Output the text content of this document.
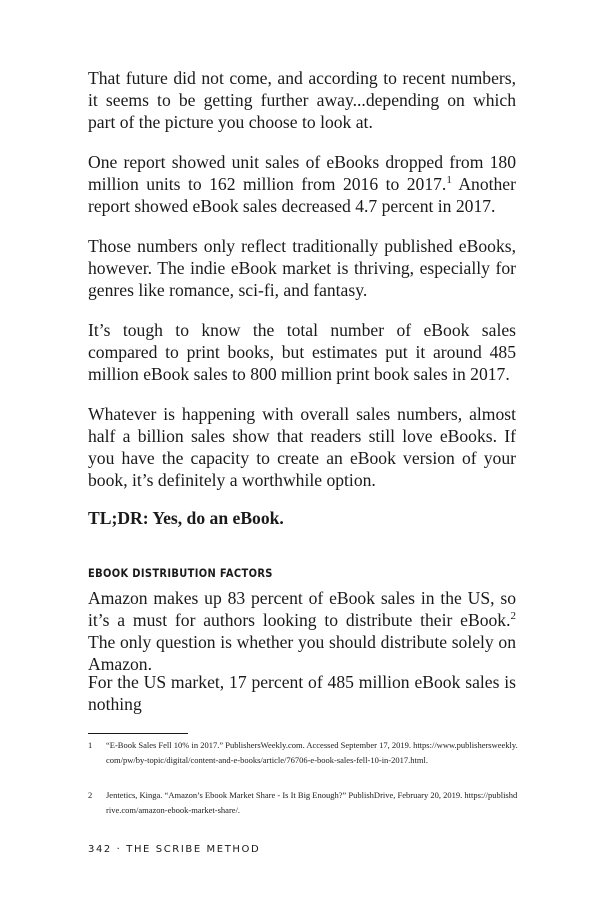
That future did not come, and according to recent numbers, it seems to be getting further away...depending on which part of the picture you choose to look at.

One report showed unit sales of eBooks dropped from 180 million units to 162 million from 2016 to 2017.$^1$ Another report showed eBook sales decreased 4.7 percent in 2017.

Those numbers only reflect traditionally published eBooks, however. The indie eBook market is thriving, especially for genres like romance, sci-fi, and fantasy.

It’s tough to know the total number of eBook sales compared to print books, but estimates put it around 485 million eBook sales to 800 million print book sales in 2017.

Whatever is happening with overall sales numbers, almost half a billion sales show that readers still love eBooks. If you have the capacity to create an eBook version of your book, it’s definitely a worthwhile option.

TL;DR: Yes, do an eBook.

EBOOK DISTRIBUTION FACTORS

Amazon makes up 83 percent of eBook sales in the US, so it’s a must for authors looking to distribute their eBook.$^2$ The only question is whether you should distribute solely on Amazon.

For the US market, 17 percent of 485 million eBook sales is nothing

1	“E-Book Sales Fell 10% in 2017.” PublishersWeekly.com. Accessed September 17, 2019. https://www.publishersweekly.com/pw/by-topic/digital/content-and-e-books/article/76706-e-book-sales-fell-10-in-2017.html.
2	Jentetics, Kinga. “Amazon’s Ebook Market Share - Is It Big Enough?” PublishDrive, February 20, 2019. https://publishdrive.com/amazon-ebook-market-share/.
342 · THE SCRIBE METHOD
